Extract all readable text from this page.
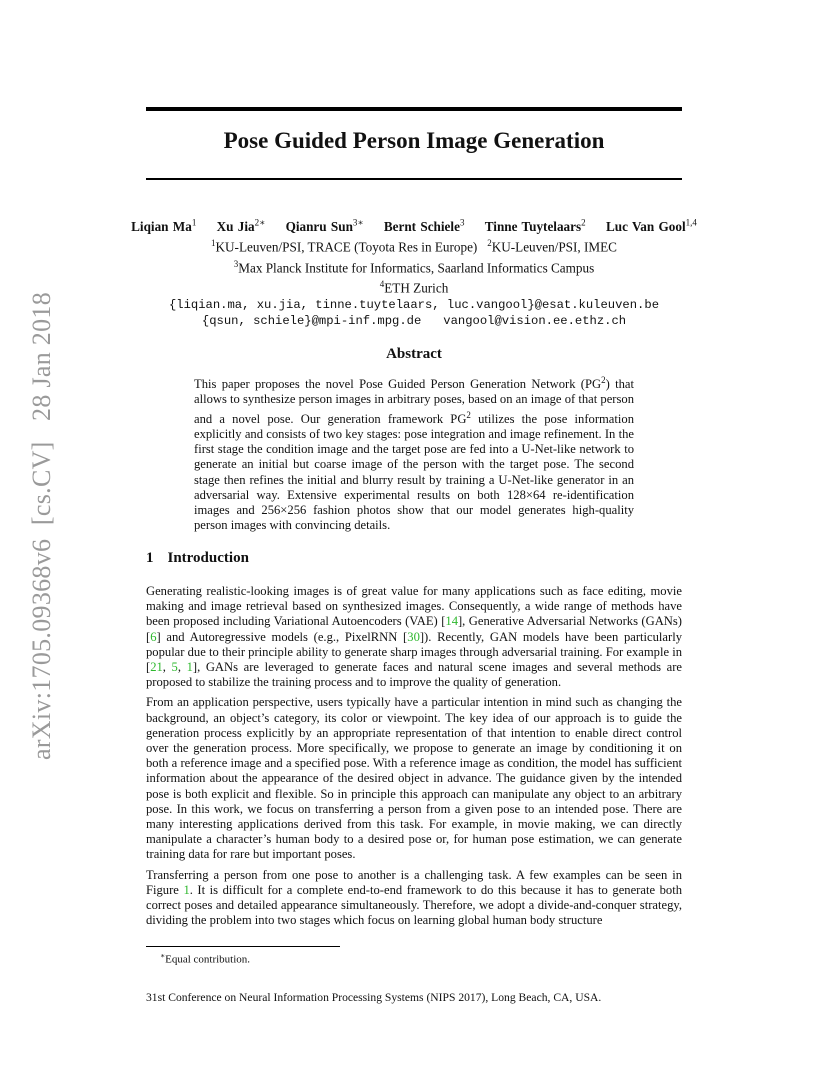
arXiv:1705.09368v6

[cs.CV]

28 Jan 2018
Pose Guided Person Image Generation
Liqian Ma$^1$ Xu Jia$^{2∗}$ Qianru Sun$^{3∗}$ Bernt Schiele$^3$ Tinne Tuytelaars$^2$ Luc Van Gool$^{1,4}$
$^1$KU-Leuven/PSI, TRACE (Toyota Res in Europe) $^2$KU-Leuven/PSI, IMEC
$^3$Max Planck Institute for Informatics, Saarland Informatics Campus
$^4$ETH Zurich
{liqian.ma, xu.jia, tinne.tuytelaars, luc.vangool}@esat.kuleuven.be
{qsun, schiele}@mpi-inf.mpg.de vangool@vision.ee.ethz.ch
Abstract
This paper proposes the novel Pose Guided Person Generation Network $(PG^2)$ that allows to synthesize person images in arbitrary poses, based on an image of that person and a novel pose. Our generation framework $PG^2$ utilizes the pose information explicitly and consists of two key stages: pose integration and image refinement. In the first stage the condition image and the target pose are fed into a U-Net-like network to generate an initial but coarse image of the person with the target pose. The second stage then refines the initial and blurry result by training a U-Net-like generator in an adversarial way. Extensive experimental results on both 128×64 re-identification images and 256×256 fashion photos show that our model generates high-quality person images with convincing details.
1 Introduction

Generating realistic-looking images is of great value for many applications such as face editing, movie making and image retrieval based on synthesized images. Consequently, a wide range of methods have been proposed including Variational Autoencoders (VAE) [14], Generative Adversarial Networks (GANs) [6] and Autoregressive models (e.g., PixelRNN [30]). Recently, GAN models have been particularly popular due to their principle ability to generate sharp images through adversarial training. For example in [21, 5, 1], GANs are leveraged to generate faces and natural scene images and several methods are proposed to stabilize the training process and to improve the quality of generation.

From an application perspective, users typically have a particular intention in mind such as changing the background, an object’s category, its color or viewpoint. The key idea of our approach is to guide the generation process explicitly by an appropriate representation of that intention to enable direct control over the generation process. More specifically, we propose to generate an image by conditioning it on both a reference image and a specified pose. With a reference image as condition, the model has sufficient information about the appearance of the desired object in advance. The guidance given by the intended pose is both explicit and flexible. So in principle this approach can manipulate any object to an arbitrary pose. In this work, we focus on transferring a person from a given pose to an intended pose. There are many interesting applications derived from this task. For example, in movie making, we can directly manipulate a character’s human body to a desired pose or, for human pose estimation, we can generate training data for rare but important poses.

Transferring a person from one pose to another is a challenging task. A few examples can be seen in Figure 1. It is difficult for a complete end-to-end framework to do this because it has to generate both correct poses and detailed appearance simultaneously. Therefore, we adopt a divide-and-conquer strategy, dividing the problem into two stages which focus on learning global human body structure

∗Equal contribution.
31st Conference on Neural Information Processing Systems (NIPS 2017), Long Beach, CA, USA.
